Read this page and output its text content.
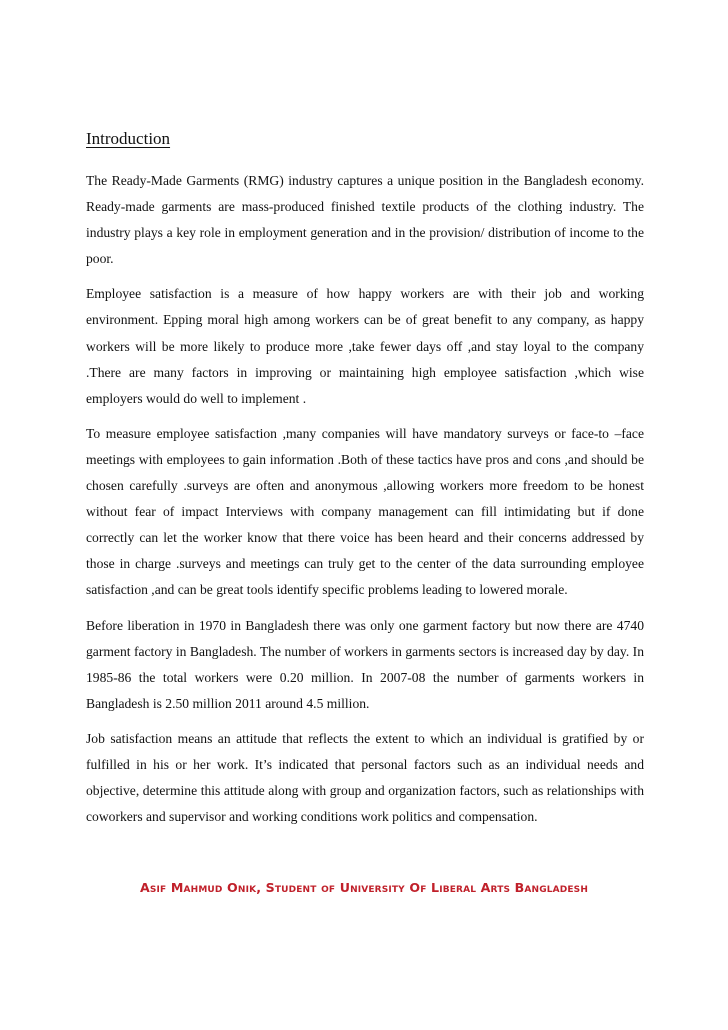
Introduction

The Ready-Made Garments (RMG) industry captures a unique position in the Bangladesh economy. Ready-made garments are mass-produced finished textile products of the clothing industry. The industry plays a key role in employment generation and in the provision/ distribution of income to the poor.

Employee satisfaction is a measure of how happy workers are with their job and working environment. Epping moral high among workers can be of great benefit to any company, as happy workers will be more likely to produce more ,take fewer days off ,and stay loyal to the company .There are many factors in improving or maintaining high employee satisfaction ,which wise employers would do well to implement .

To measure employee satisfaction ,many companies will have mandatory surveys or face-to –face meetings with employees to gain information .Both of these tactics have pros and cons ,and should be chosen carefully .surveys are often and anonymous ,allowing workers more freedom to be honest without fear of impact Interviews with company management can fill intimidating but if done correctly can let the worker know that there voice has been heard and their concerns addressed by those in charge .surveys and meetings can truly get to the center of the data surrounding employee satisfaction ,and can be great tools identify specific problems leading to lowered morale.

Before liberation in 1970 in Bangladesh there was only one garment factory but now there are 4740 garment factory in Bangladesh. The number of workers in garments sectors is increased day by day. In 1985-86 the total workers were 0.20 million. In 2007-08 the number of garments workers in Bangladesh is 2.50 million 2011 around 4.5 million.

Job satisfaction means an attitude that reflects the extent to which an individual is gratified by or fulfilled in his or her work. It’s indicated that personal factors such as an individual needs and objective, determine this attitude along with group and organization factors, such as relationships with coworkers and supervisor and working conditions work politics and compensation.

Asif Mahmud Onik, Student of University Of Liberal Arts Bangladesh
